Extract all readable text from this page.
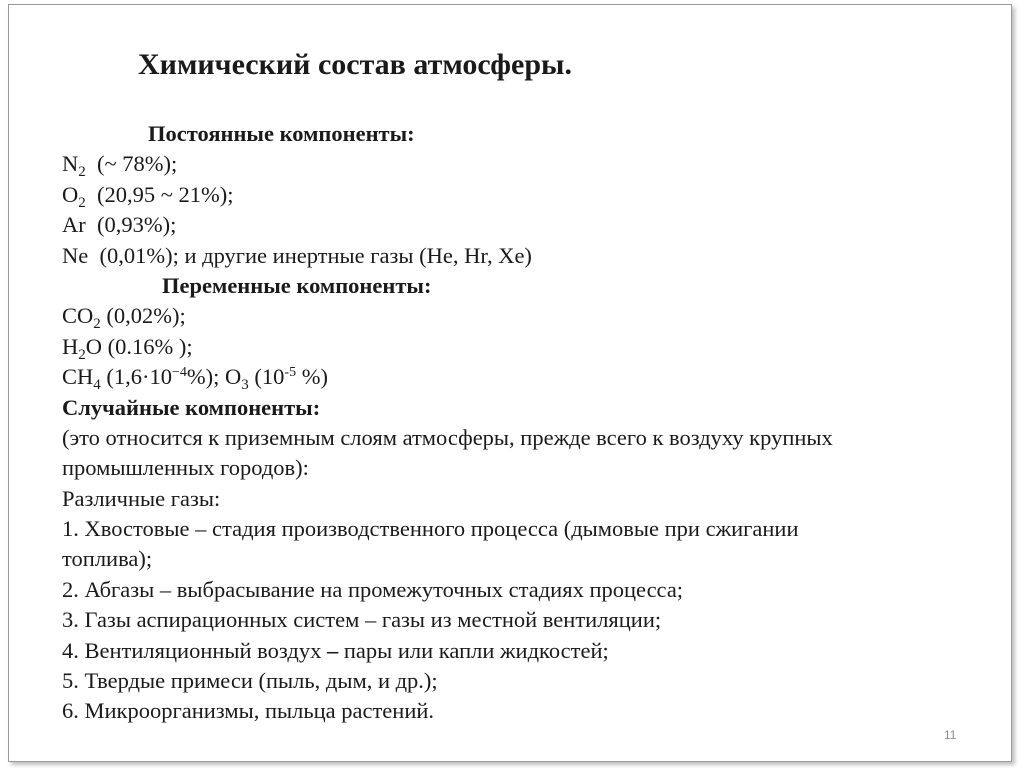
Химический состав атмосферы.
Постоянные компоненты:
$N_2$  (~ 78%);
$O_2$  (20,95 ~ 21%);
Ar  (0,93%);
Ne  (0,01%); и другие инертные газы (He, Hr, Xe)
Переменные компоненты:
$CO_2$ (0,02%);
$H_2O$ (0.16% );
$CH_4$ $(1,6\cdot 10^{-4}\%)$; $O_3$ ($10^{-5}$ %)
Случайные компоненты:
(это относится к приземным слоям атмосферы, прежде всего к воздуху крупных
промышленных городов):
Различные газы:
1. Хвостовые – стадия производственного процесса (дымовые при сжигании
топлива);
2. Абгазы – выбрасывание на промежуточных стадиях процесса;
3. Газы аспирационных систем – газы из местной вентиляции;
4. Вентиляционный воздух – пары или капли жидкостей;
5. Твердые примеси (пыль, дым, и др.);
6. Микроорганизмы, пыльца растений.
11
